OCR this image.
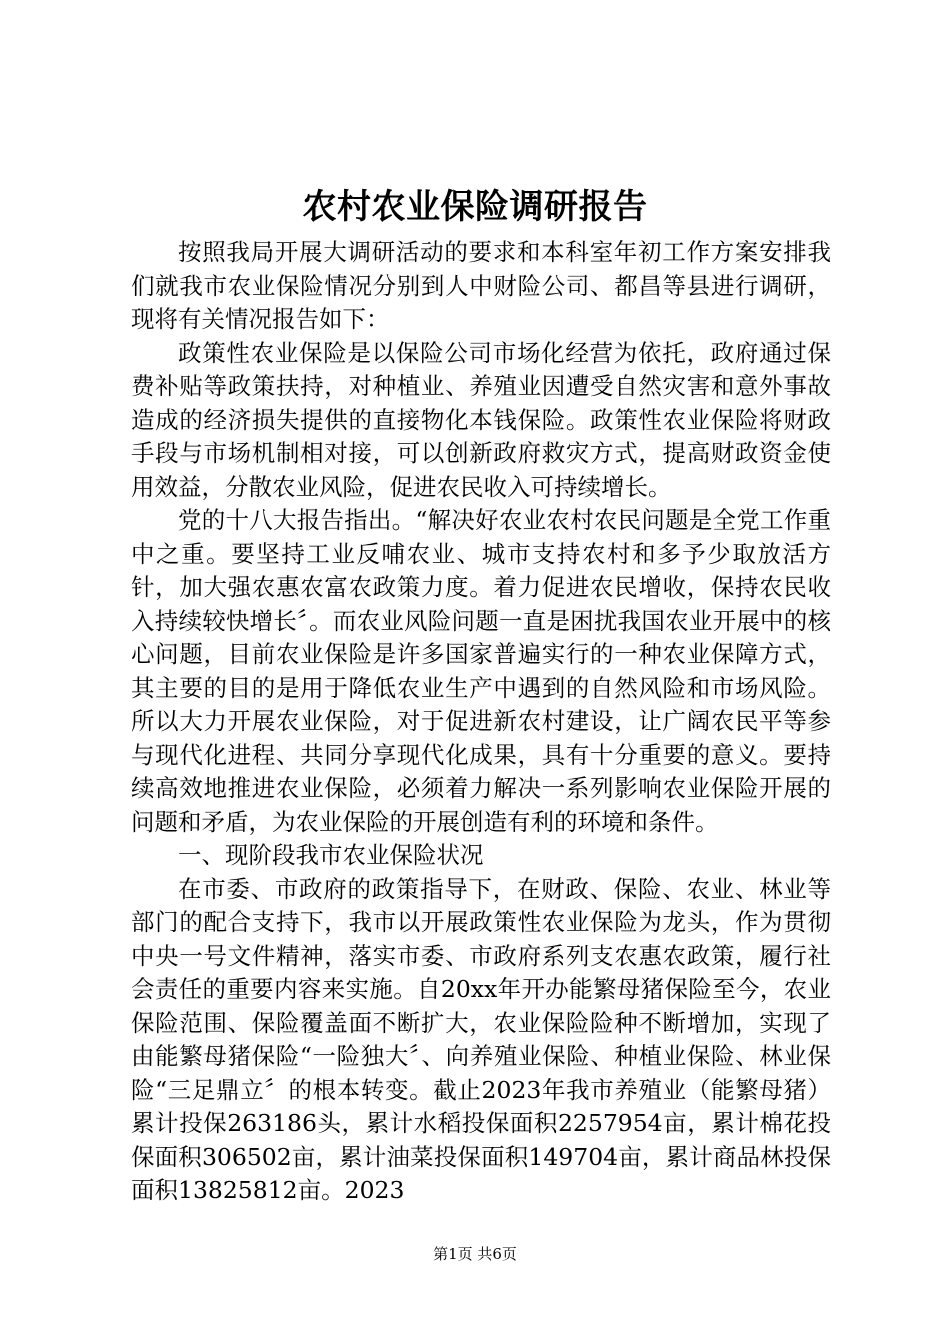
农村农业保险调研报告

按照我局开展大调研活动的要求和本科室年初工作方案安排我们就我市农业保险情况分别到人中财险公司、都昌等县进行调研，现将有关情况报告如下：

政策性农业保险是以保险公司市场化经营为依托，政府通过保费补贴等政策扶持，对种植业、养殖业因遭受自然灾害和意外事故造成的经济损失提供的直接物化本钱保险。政策性农业保险将财政手段与市场机制相对接，可以创新政府救灾方式，提高财政资金使用效益，分散农业风险，促进农民收入可持续增长。

党的十八大报告指出。“解决好农业农村农民问题是全党工作重中之重。要坚持工业反哺农业、城市支持农村和多予少取放活方针，加大强农惠农富农政策力度。着力促进农民增收，保持农民收入持续较快增长〞。而农业风险问题一直是困扰我国农业开展中的核心问题，目前农业保险是许多国家普遍实行的一种农业保障方式，其主要的目的是用于降低农业生产中遇到的自然风险和市场风险。所以大力开展农业保险，对于促进新农村建设，让广阔农民平等参与现代化进程、共同分享现代化成果，具有十分重要的意义。要持续高效地推进农业保险，必须着力解决一系列影响农业保险开展的问题和矛盾，为农业保险的开展创造有利的环境和条件。

一、现阶段我市农业保险状况

在市委、市政府的政策指导下，在财政、保险、农业、林业等部门的配合支持下，我市以开展政策性农业保险为龙头，作为贯彻中央一号文件精神，落实市委、市政府系列支农惠农政策，履行社会责任的重要内容来实施。自20xx年开办能繁母猪保险至今，农业保险范围、保险覆盖面不断扩大，农业保险险种不断增加，实现了由能繁母猪保险“一险独大〞、向养殖业保险、种植业保险、林业保险“三足鼎立〞的根本转变。截止2023年我市养殖业（能繁母猪）累计投保263186头，累计水稻投保面积2257954亩，累计棉花投保面积306502亩，累计油菜投保面积149704亩，累计商品林投保面积13825812亩。2023

第1页 共6页
